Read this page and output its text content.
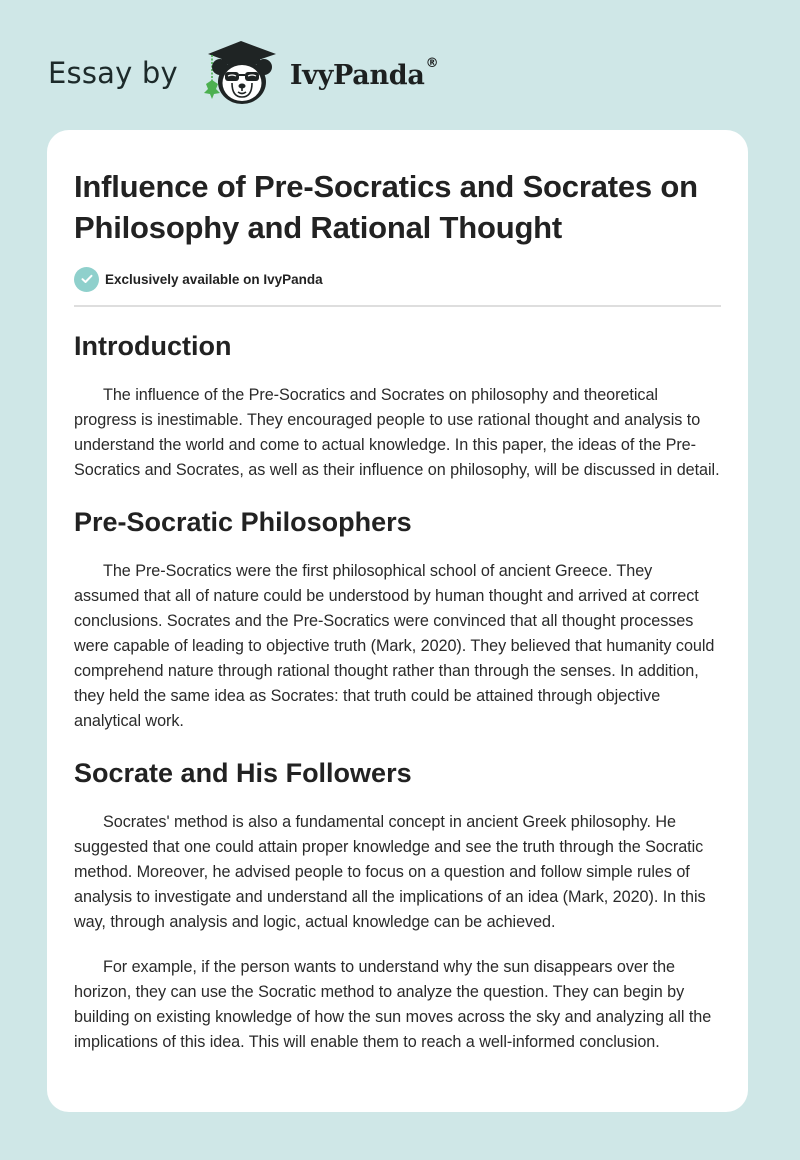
Essay by	IvyPanda®
Influence of Pre-Socratics and Socrates on Philosophy and Rational Thought
Exclusively available on IvyPanda
Introduction

The influence of the Pre-Socratics and Socrates on philosophy and theoretical progress is inestimable. They encouraged people to use rational thought and analysis to understand the world and come to actual knowledge. In this paper, the ideas of the Pre-Socratics and Socrates, as well as their influence on philosophy, will be discussed in detail.

Pre-Socratic Philosophers

The Pre-Socratics were the first philosophical school of ancient Greece. They assumed that all of nature could be understood by human thought and arrived at correct conclusions. Socrates and the Pre-Socratics were convinced that all thought processes were capable of leading to objective truth (Mark, 2020). They believed that humanity could comprehend nature through rational thought rather than through the senses. In addition, they held the same idea as Socrates: that truth could be attained through objective analytical work.

Socrate and His Followers

Socrates' method is also a fundamental concept in ancient Greek philosophy. He suggested that one could attain proper knowledge and see the truth through the Socratic method. Moreover, he advised people to focus on a question and follow simple rules of analysis to investigate and understand all the implications of an idea (Mark, 2020). In this way, through analysis and logic, actual knowledge can be achieved.

For example, if the person wants to understand why the sun disappears over the horizon, they can use the Socratic method to analyze the question. They can begin by building on existing knowledge of how the sun moves across the sky and analyzing all the implications of this idea. This will enable them to reach a well-informed conclusion.
